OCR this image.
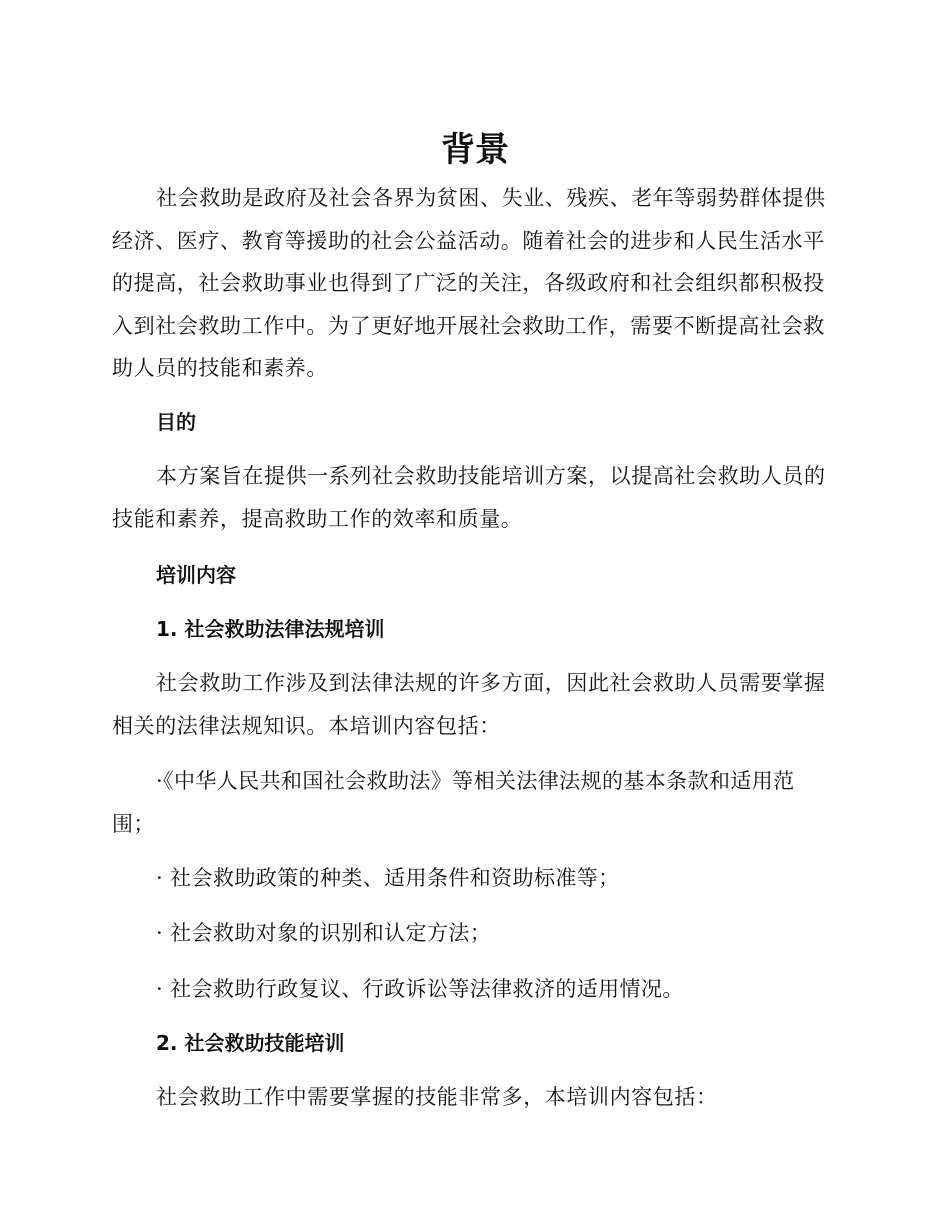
背景

社会救助是政府及社会各界为贫困、失业、残疾、老年等弱势群体提供经济、医疗、教育等援助的社会公益活动。随着社会的进步和人民生活水平的提高，社会救助事业也得到了广泛的关注，各级政府和社会组织都积极投入到社会救助工作中。为了更好地开展社会救助工作，需要不断提高社会救助人员的技能和素养。

目的

本方案旨在提供一系列社会救助技能培训方案，以提高社会救助人员的技能和素养，提高救助工作的效率和质量。

培训内容

1. 社会救助法律法规培训

社会救助工作涉及到法律法规的许多方面，因此社会救助人员需要掌握相关的法律法规知识。本培训内容包括：

·《中华人民共和国社会救助法》等相关法律法规的基本条款和适用范围；

· 社会救助政策的种类、适用条件和资助标准等；

· 社会救助对象的识别和认定方法；

· 社会救助行政复议、行政诉讼等法律救济的适用情况。

2. 社会救助技能培训

社会救助工作中需要掌握的技能非常多，本培训内容包括：
